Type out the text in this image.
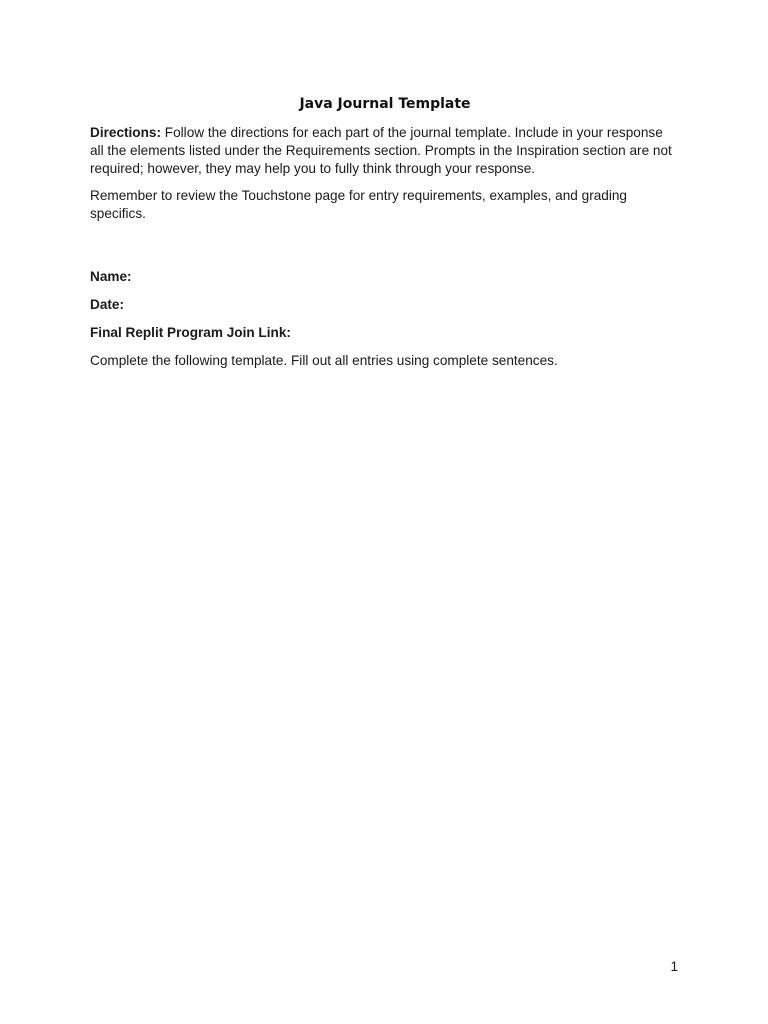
Java Journal Template

Directions: Follow the directions for each part of the journal template. Include in your response all the elements listed under the Requirements section. Prompts in the Inspiration section are not required; however, they may help you to fully think through your response.

Remember to review the Touchstone page for entry requirements, examples, and grading specifics.

Name:
Date:
Final Replit Program Join Link:

Complete the following template. Fill out all entries using complete sentences.

1
